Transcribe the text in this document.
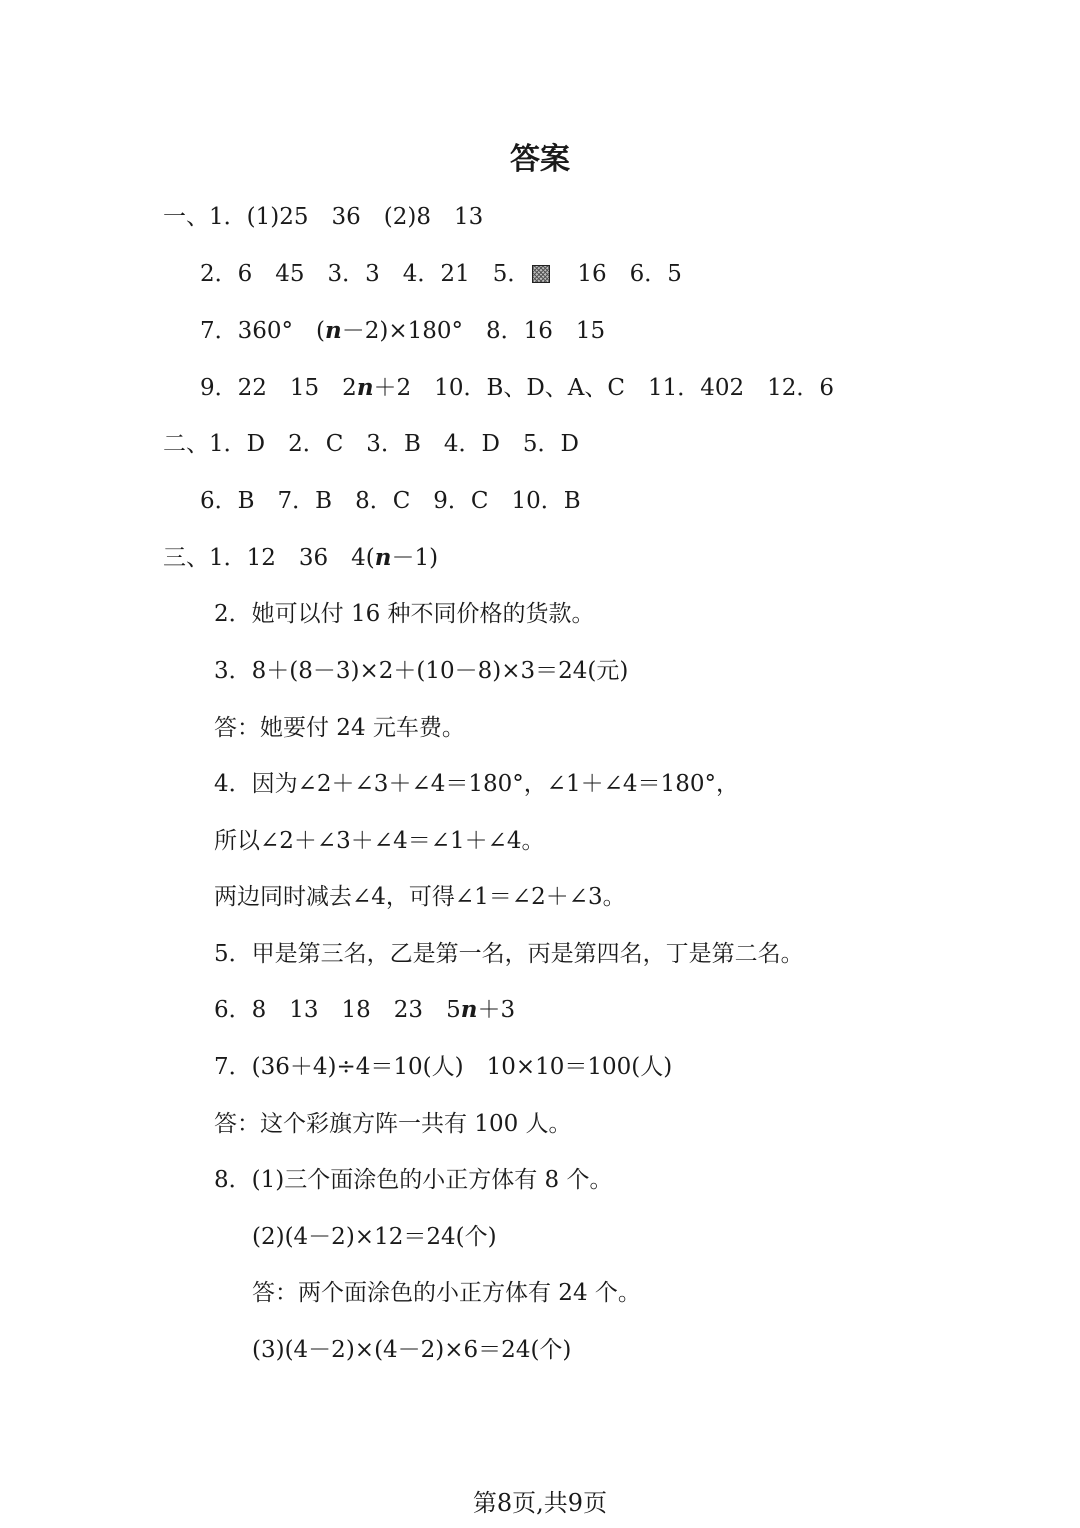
答案
一、1．(1)25　36　(2)8　13
2．6　45　3．3　4．21　5．　16　6．5
7．360°　(n－2)×180°　8．16　15
9．22　15　2n＋2　10．B、D、A、C　11．402　12．6
二、1．D　2．C　3．B　4．D　5．D
6．B　7．B　8．C　9．C　10．B
三、1．12　36　4(n－1)
2．她可以付 16 种不同价格的货款。
3．8＋(8－3)×2＋(10－8)×3＝24(元)
答：她要付 24 元车费。
4．因为∠2＋∠3＋∠4＝180°，∠1＋∠4＝180°，
所以∠2＋∠3＋∠4＝∠1＋∠4。
两边同时减去∠4，可得∠1＝∠2＋∠3。
5．甲是第三名，乙是第一名，丙是第四名，丁是第二名。
6．8　13　18　23　5n＋3
7．(36＋4)÷4＝10(人)　10×10＝100(人)
答：这个彩旗方阵一共有 100 人。
8．(1)三个面涂色的小正方体有 8 个。
(2)(4－2)×12＝24(个)
答：两个面涂色的小正方体有 24 个。
(3)(4－2)×(4－2)×6＝24(个)
第8页,共9页
